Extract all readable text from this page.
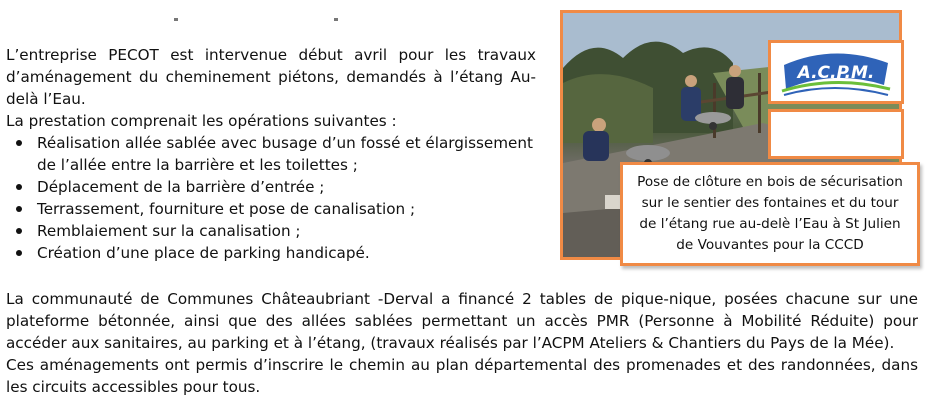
L’entreprise PECOT est intervenue début avril pour les travaux d’aménagement du cheminement piétons, demandés à l’étang Au-delà l’Eau.

La prestation comprenait les opérations suivantes :

Réalisation allée sablée avec busage d’un fossé et élargissement de l’allée entre la barrière et les toilettes ;
Déplacement de la barrière d’entrée ;
Terrassement, fourniture et pose de canalisation ;
Remblaiement sur la canalisation ;
Création d’une place de parking handicapé.
A.C.P.M.

Pose de clôture en bois de sécurisation sur le sentier des fontaines et du tour de l’étang rue au-delè l’Eau à St Julien de Vouvantes pour la CCCD

La communauté de Communes Châteaubriant -Derval a financé 2 tables de pique-nique, posées chacune sur une plateforme bétonnée, ainsi que des allées sablées permettant un accès PMR (Personne à Mobilité Réduite) pour accéder aux sanitaires, au parking et à l’étang, (travaux réalisés par l’ACPM Ateliers & Chantiers du Pays de la Mée).

Ces aménagements ont permis d’inscrire le chemin au plan départemental des promenades et des randonnées, dans les circuits accessibles pour tous.
